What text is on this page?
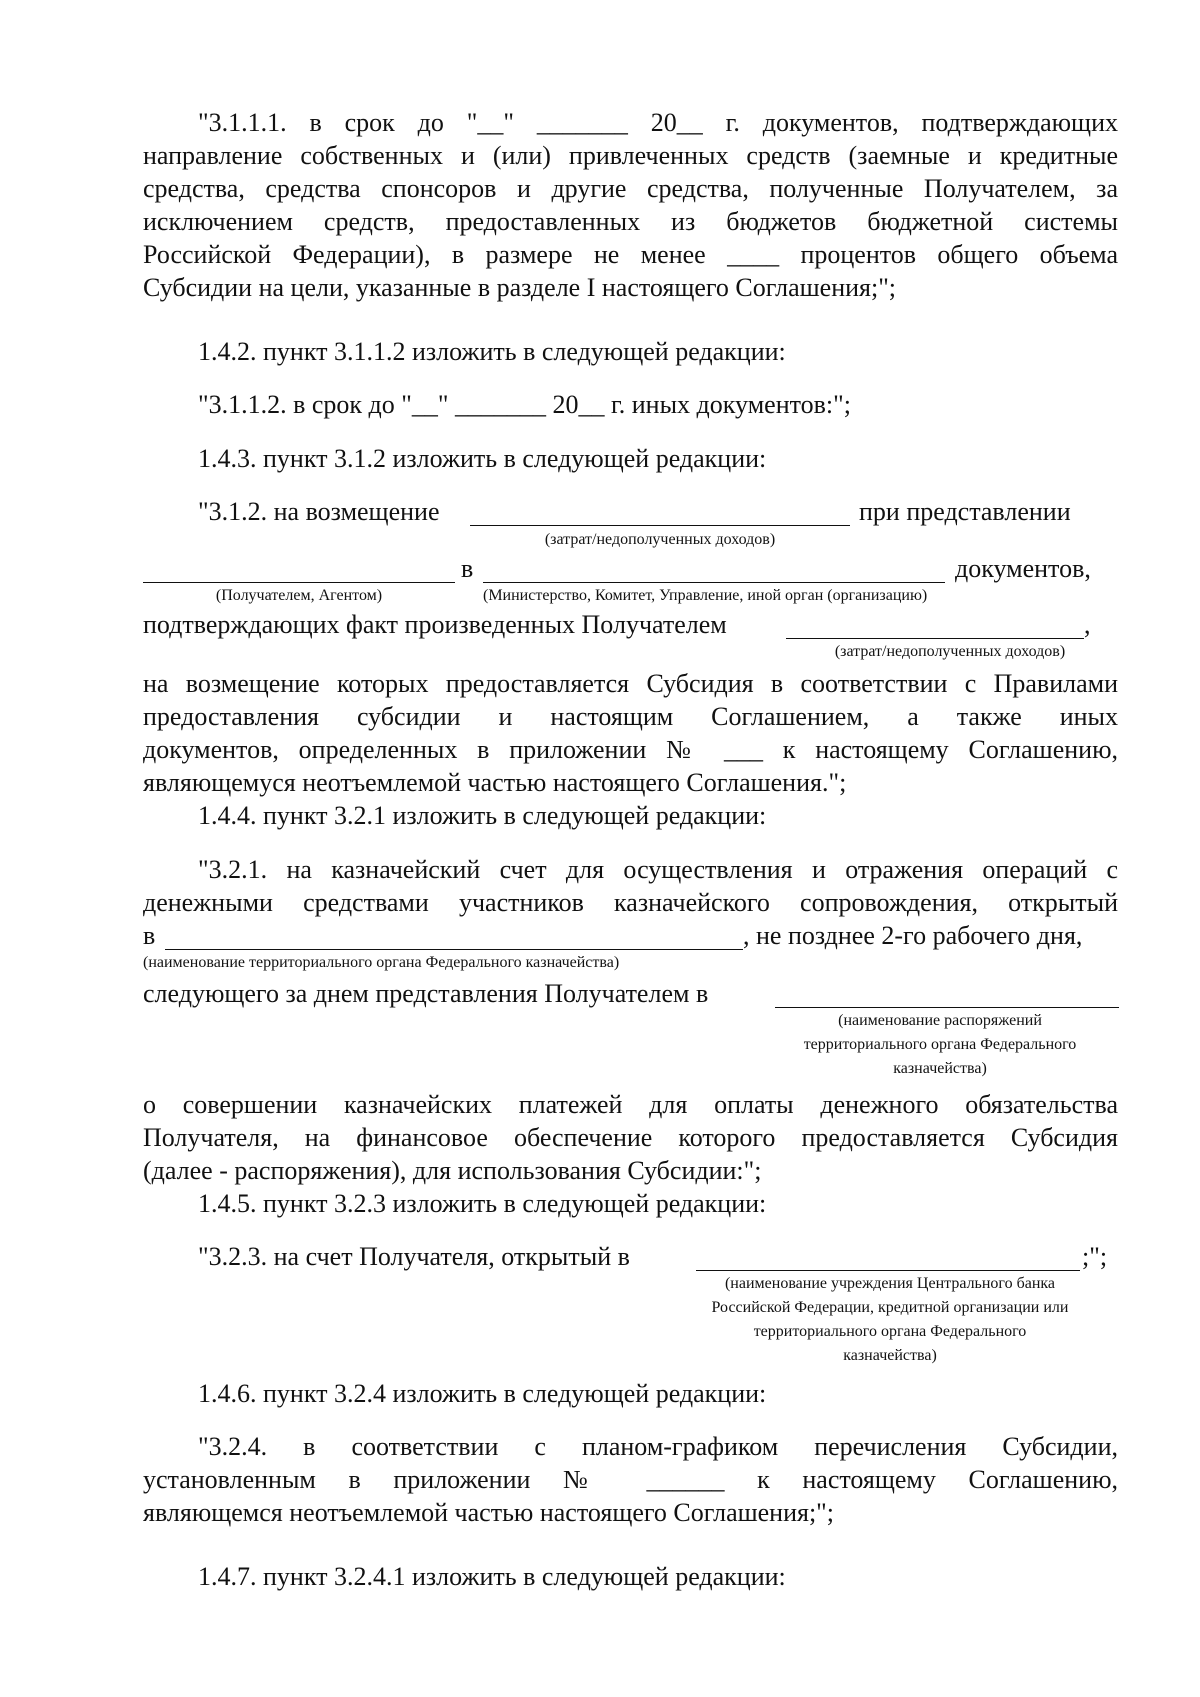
"3.1.1.1. в срок до "__" _______ 20__ г. документов, подтверждающих
направление собственных и (или) привлеченных средств (заемные и кредитные
средства, средства спонсоров и другие средства, полученные Получателем, за
исключением средств, предоставленных из бюджетов бюджетной системы
Российской Федерации), в размере не менее ____ процентов общего объема
Субсидии на цели, указанные в разделе I настоящего Соглашения;";
1.4.2. пункт 3.1.1.2 изложить в следующей редакции:
"3.1.1.2. в срок до "__" _______ 20__ г. иных документов:";
1.4.3. пункт 3.1.2 изложить в следующей редакции:
"3.1.2. на возмещение	при представлении
(затрат/недополученных доходов)
в	документов,
(Получателем, Агентом)	(Министерство, Комитет, Управление, иной орган (организацию)
подтверждающих факт произведенных Получателем	,
(затрат/недополученных доходов)
на возмещение которых предоставляется Субсидия в соответствии с Правилами
предоставления субсидии и настоящим Соглашением, а также иных
документов, определенных в приложении № ___ к настоящему Соглашению,
являющемуся неотъемлемой частью настоящего Соглашения.";
1.4.4. пункт 3.2.1 изложить в следующей редакции:
"3.2.1. на казначейский счет для осуществления и отражения операций с
денежными средствами участников казначейского сопровождения, открытый
в	, не позднее 2-го рабочего дня,
(наименование территориального органа Федерального казначейства)
следующего за днем представления Получателем в
(наименование распоряжений
территориального органа Федерального
казначейства)
о совершении казначейских платежей для оплаты денежного обязательства
Получателя, на финансовое обеспечение которого предоставляется Субсидия
(далее - распоряжения), для использования Субсидии:";
1.4.5. пункт 3.2.3 изложить в следующей редакции:
"3.2.3. на счет Получателя, открытый в	;";
(наименование учреждения Центрального банка
Российской Федерации, кредитной организации или
территориального органа Федерального
казначейства)
1.4.6. пункт 3.2.4 изложить в следующей редакции:
"3.2.4. в соответствии с планом-графиком перечисления Субсидии,
установленным в приложении № ______ к настоящему Соглашению,
являющемся неотъемлемой частью настоящего Соглашения;";
1.4.7. пункт 3.2.4.1 изложить в следующей редакции:
